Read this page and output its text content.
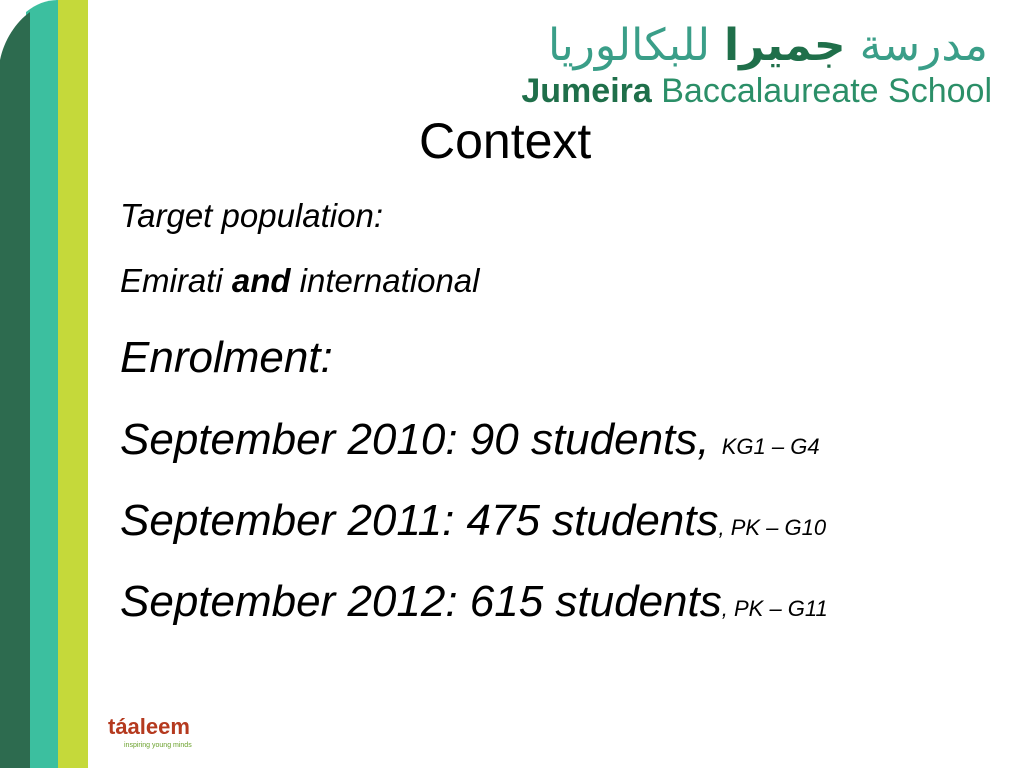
مدرسة جميرا للبكالوريا
Jumeira Baccalaureate School
Context
Target population:
Emirati and international
Enrolment:
September 2010: 90 students, KG1 – G4
September 2011: 475 students, PK – G10
September 2012: 615 students, PK – G11
táaleem
inspiring young minds
